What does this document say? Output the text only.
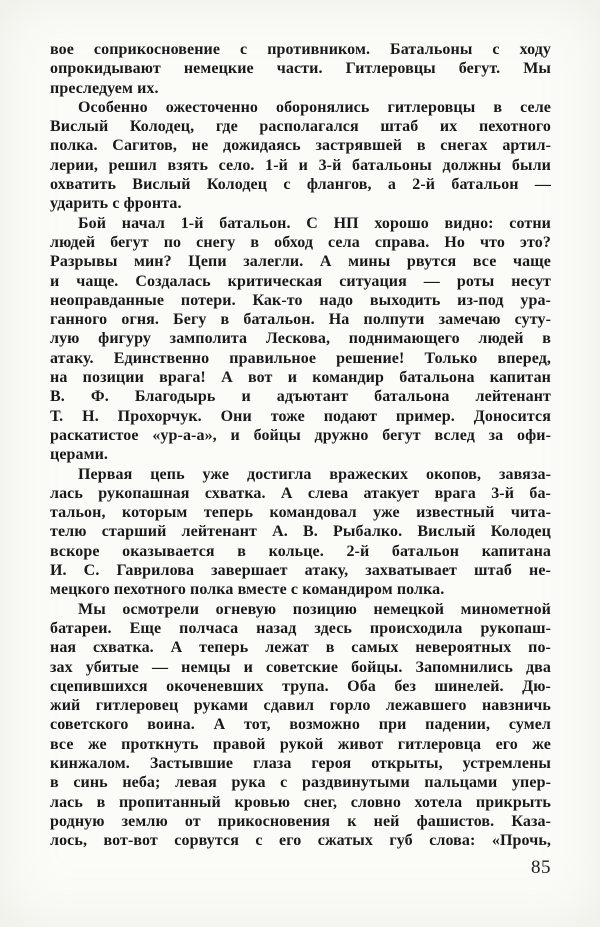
вое соприкосновение с противником. Батальоны с ходу
опрокидывают немецкие части. Гитлеровцы бегут. Мы
преследуем их.
Особенно ожесточенно оборонялись гитлеровцы в селе
Вислый Колодец, где располагался штаб их пехотного
полка. Сагитов, не дожидаясь застрявшей в снегах артил-
лерии, решил взять село. 1-й и 3-й батальоны должны были
охватить Вислый Колодец с флангов, а 2-й батальон —
ударить с фронта.
Бой начал 1-й батальон. С НП хорошо видно: сотни
людей бегут по снегу в обход села справа. Но что это?
Разрывы мин? Цепи залегли. А мины рвутся все чаще
и чаще. Создалась критическая ситуация — роты несут
неоправданные потери. Как-то надо выходить из-под ура-
ганного огня. Бегу в батальон. На полпути замечаю суту-
лую фигуру замполита Лескова, поднимающего людей в
атаку. Единственно правильное решение! Только вперед,
на позиции врага! А вот и командир батальона капитан
В. Ф. Благодырь и адъютант батальона лейтенант
Т. Н. Прохорчук. Они тоже подают пример. Доносится
раскатистое «ур-а-а», и бойцы дружно бегут вслед за офи-
церами.
Первая цепь уже достигла вражеских окопов, завяза-
лась рукопашная схватка. А слева атакует врага 3-й ба-
тальон, которым теперь командовал уже известный чита-
телю старший лейтенант А. В. Рыбалко. Вислый Колодец
вскоре оказывается в кольце. 2-й батальон капитана
И. С. Гаврилова завершает атаку, захватывает штаб не-
мецкого пехотного полка вместе с командиром полка.
Мы осмотрели огневую позицию немецкой минометной
батареи. Еще полчаса назад здесь происходила рукопаш-
ная схватка. А теперь лежат в самых невероятных по-
зах убитые — немцы и советские бойцы. Запомнились два
сцепившихся окоченевших трупа. Оба без шинелей. Дю-
жий гитлеровец руками сдавил горло лежавшего навзничь
советского воина. А тот, возможно при падении, сумел
все же проткнуть правой рукой живот гитлеровца его же
кинжалом. Застывшие глаза героя открыты, устремлены
в синь неба; левая рука с раздвинутыми пальцами упер-
лась в пропитанный кровью снег, словно хотела прикрыть
родную землю от прикосновения к ней фашистов. Каза-
лось, вот-вот сорвутся с его сжатых губ слова: «Прочь,
85
